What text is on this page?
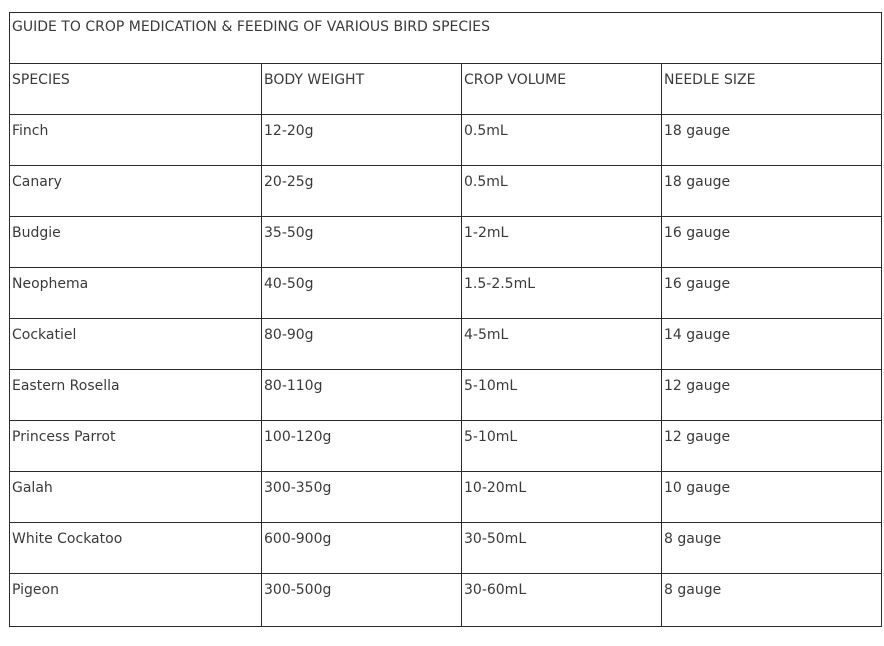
GUIDE TO CROP MEDICATION & FEEDING OF VARIOUS BIRD SPECIES			
SPECIES	BODY WEIGHT	CROP VOLUME	NEEDLE SIZE
Finch	12-20g	0.5mL	18 gauge
Canary	20-25g	0.5mL	18 gauge
Budgie	35-50g	1-2mL	16 gauge
Neophema	40-50g	1.5-2.5mL	16 gauge
Cockatiel	80-90g	4-5mL	14 gauge
Eastern Rosella	80-110g	5-10mL	12 gauge
Princess Parrot	100-120g	5-10mL	12 gauge
Galah	300-350g	10-20mL	10 gauge
White Cockatoo	600-900g	30-50mL	8 gauge
Pigeon	300-500g	30-60mL	8 gauge
